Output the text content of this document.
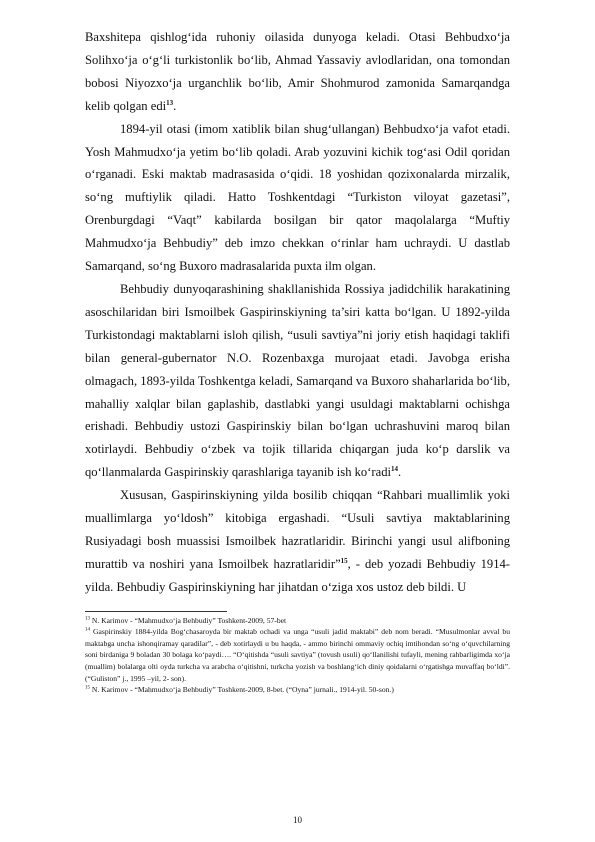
Baxshitepa qishlog‘ida ruhoniy oilasida dunyoga keladi. Otasi Behbudxo‘ja Solihxo‘ja o‘g‘li turkistonlik bo‘lib, Ahmad Yassaviy avlodlaridan, ona tomondan bobosi Niyozxo‘ja urganchlik bo‘lib, Amir Shohmurod zamonida Samarqandga kelib qolgan edi$^{13}$.

1894-yil otasi (imom xatiblik bilan shug‘ullangan) Behbudxo‘ja vafot etadi. Yosh Mahmudxo‘ja yetim bo‘lib qoladi. Arab yozuvini kichik tog‘asi Odil qoridan o‘rganadi. Eski maktab madrasasida o‘qidi. 18 yoshidan qozixonalarda mirzalik, so‘ng muftiylik qiladi. Hatto Toshkentdagi “Turkiston viloyat gazetasi”, Orenburgdagi “Vaqt” kabilarda bosilgan bir qator maqolalarga “Muftiy Mahmudxo‘ja Behbudiy” deb imzo chekkan o‘rinlar ham uchraydi. U dastlab Samarqand, so‘ng Buxoro madrasalarida puxta ilm olgan.

Behbudiy dunyoqarashining shakllanishida Rossiya jadidchilik harakatining asoschilaridan biri Ismoilbek Gaspirinskiyning ta’siri katta bo‘lgan. U 1892-yilda Turkistondagi maktablarni isloh qilish, “usuli savtiya”ni joriy etish haqidagi taklifi bilan general-gubernator N.O. Rozenbaxga murojaat etadi. Javobga erisha olmagach, 1893-yilda Toshkentga keladi, Samarqand va Buxoro shaharlarida bo‘lib, mahalliy xalqlar bilan gaplashib, dastlabki yangi usuldagi maktablarni ochishga erishadi. Behbudiy ustozi Gaspirinskiy bilan bo‘lgan uchrashuvini maroq bilan xotirlaydi. Behbudiy o‘zbek va tojik tillarida chiqargan juda ko‘p darslik va qo‘llanmalarda Gaspirinskiy qarashlariga tayanib ish ko‘radi$^{14}$.

Xususan, Gaspirinskiyning yilda bosilib chiqqan “Rahbari muallimlik yoki muallimlarga yo‘ldosh” kitobiga ergashadi. “Usuli savtiya maktablarining Rusiyadagi bosh muassisi Ismoilbek hazratlaridir. Birinchi yangi usul alifboning murattib va noshiri yana Ismoilbek hazratlaridir”$^{15}$, - deb yozadi Behbudiy 1914-yilda. Behbudiy Gaspirinskiyning har jihatdan o‘ziga xos ustoz deb bildi. U

$^{13}$ N. Karimov - “Mahmudxo‘ja Behbudiy” Toshkent-2009, 57-bet

$^{14}$ Gaspirinskiy 1884-yilda Bog‘chasaroyda bir maktab ochadi va unga “usuli jadid maktabi” deb nom beradi. “Musulmonlar avval bu maktabga uncha ishonqiramay qaradilar”, - deb xotirlaydi u bu haqda, - ammo birinchi ommaviy ochiq imtihondan so‘ng o‘quvchilarning soni birdaniga 9 boladan 30 bolaga ko‘paydi…. “O‘qitishda “usuli savtiya” (tovush usuli) qo‘llanilishi tufayli, mening rahbarligimda xo‘ja (muallim) bolalarga olti oyda turkcha va arabcha o‘qitishni, turkcha yozish va boshlang‘ich diniy qoidalarni o‘rgatishga muvaffaq bo‘ldi”. (“Guliston” j., 1995 –yil, 2- son).

$^{15}$ N. Karimov - “Mahmudxo‘ja Behbudiy” Toshkent-2009, 8-bet. (“Oyna” jurnali., 1914-yil. 50-son.)

10
